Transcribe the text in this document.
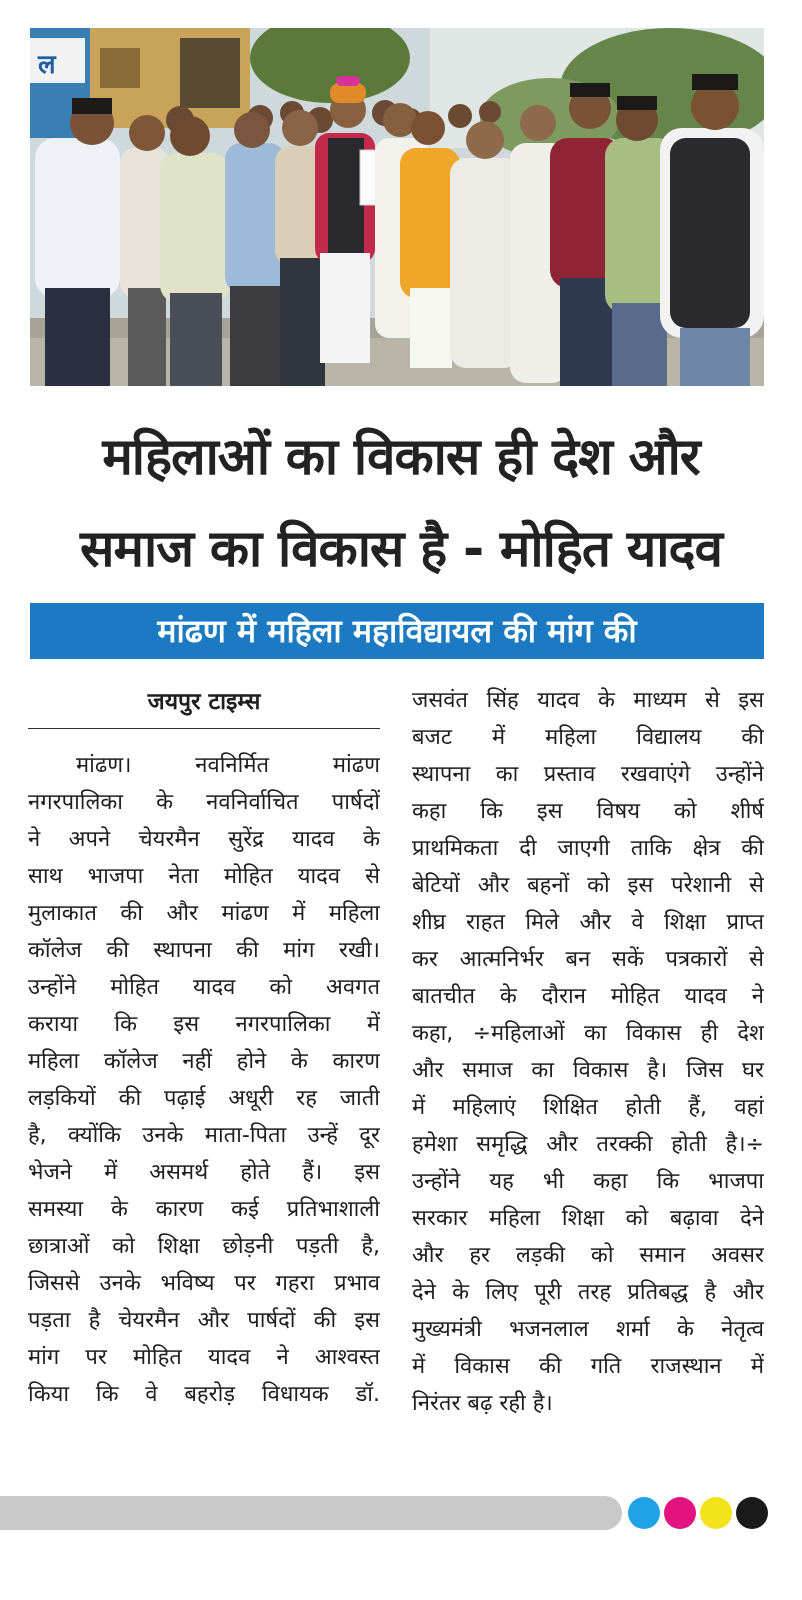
ल
महिलाओं का विकास ही देश और
समाज का विकास है - मोहित यादव
मांढण में महिला महाविद्यायल की मांग की
जयपुर टाइम्स
मांढण। नवनिर्मित मांढण
नगरपालिका के नवनिर्वाचित पार्षदों
ने अपने चेयरमैन सुरेंद्र यादव के
साथ भाजपा नेता मोहित यादव से
मुलाकात की और मांढण में महिला
कॉलेज की स्थापना की मांग रखी।
उन्होंने मोहित यादव को अवगत
कराया कि इस नगरपालिका में
महिला कॉलेज नहीं होने के कारण
लड़कियों की पढ़ाई अधूरी रह जाती
है, क्योंकि उनके माता-पिता उन्हें दूर
भेजने में असमर्थ होते हैं। इस
समस्या के कारण कई प्रतिभाशाली
छात्राओं को शिक्षा छोड़नी पड़ती है,
जिससे उनके भविष्य पर गहरा प्रभाव
पड़ता है चेयरमैन और पार्षदों की इस
मांग पर मोहित यादव ने आश्वस्त
किया कि वे बहरोड़ विधायक डॉ.
जसवंत सिंह यादव के माध्यम से इस
बजट में महिला विद्यालय की
स्थापना का प्रस्ताव रखवाएंगे उन्होंने
कहा कि इस विषय को शीर्ष
प्राथमिकता दी जाएगी ताकि क्षेत्र की
बेटियों और बहनों को इस परेशानी से
शीघ्र राहत मिले और वे शिक्षा प्राप्त
कर आत्मनिर्भर बन सकें पत्रकारों से
बातचीत के दौरान मोहित यादव ने
कहा, ÷महिलाओं का विकास ही देश
और समाज का विकास है। जिस घर
में महिलाएं शिक्षित होती हैं, वहां
हमेशा समृद्धि और तरक्की होती है।÷
उन्होंने यह भी कहा कि भाजपा
सरकार महिला शिक्षा को बढ़ावा देने
और हर लड़की को समान अवसर
देने के लिए पूरी तरह प्रतिबद्ध है और
मुख्यमंत्री भजनलाल शर्मा के नेतृत्व
में विकास की गति राजस्थान में
निरंतर बढ़ रही है।
